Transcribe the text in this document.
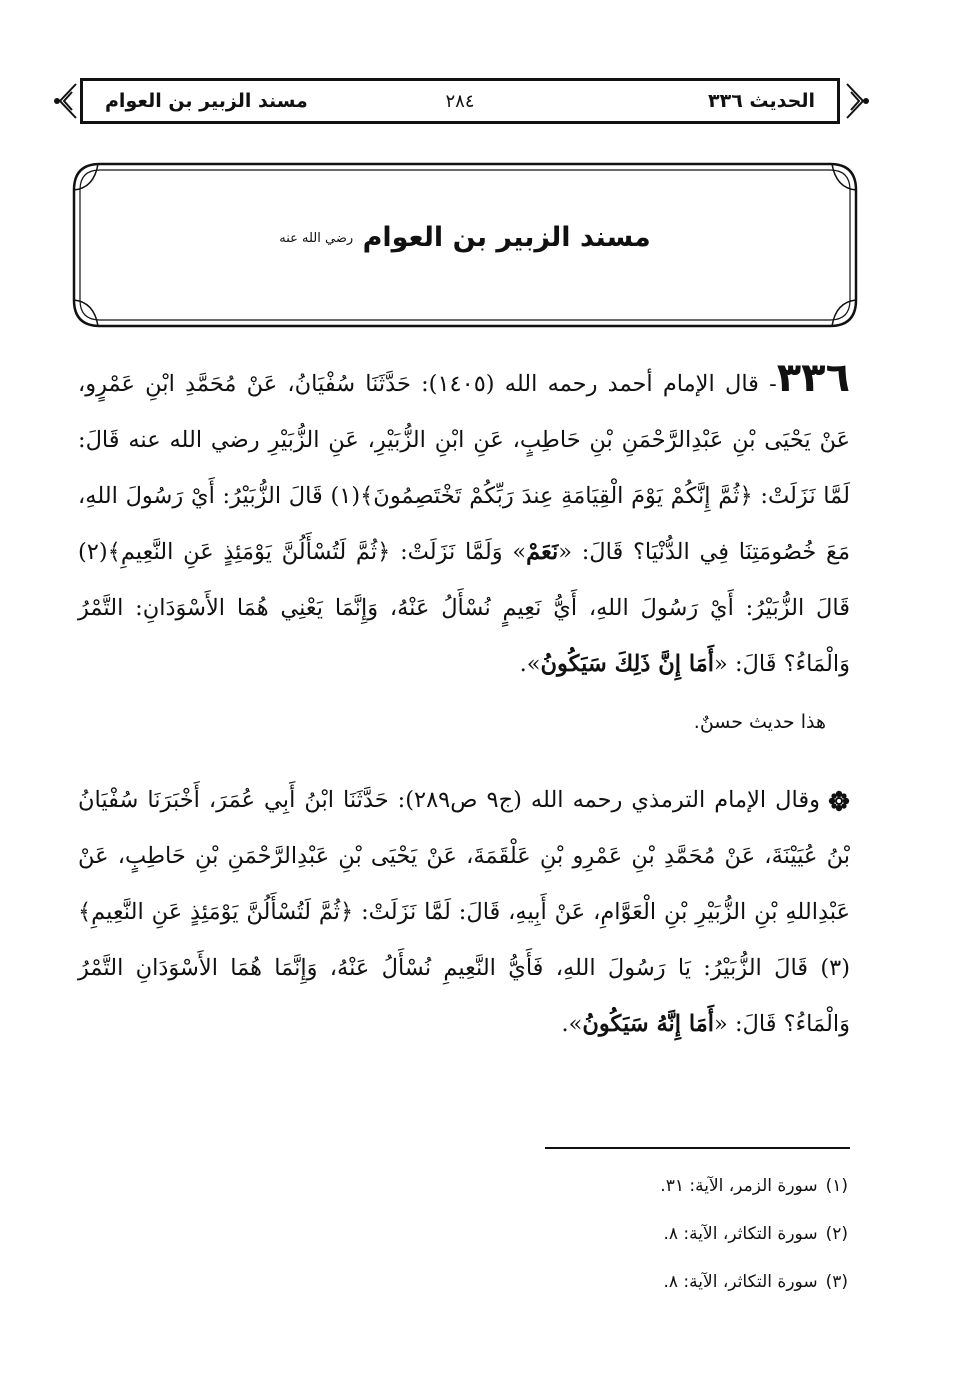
الحديث ٣٣٦
٢٨٤
مسند الزبير بن العوام
مسند الزبير بن العوام رضي الله عنه

٣٣٦- قال الإمام أحمد رحمه الله (١٤٠٥): حَدَّثَنَا سُفْيَانُ، عَنْ مُحَمَّدِ ابْنِ عَمْرٍو، عَنْ يَحْيَى بْنِ عَبْدِالرَّحْمَنِ بْنِ حَاطِبٍ، عَنِ ابْنِ الزُّبَيْرِ، عَنِ الزُّبَيْرِ رضي الله عنه قَالَ: لَمَّا نَزَلَتْ: ﴿ثُمَّ إِنَّكُمْ يَوْمَ الْقِيَامَةِ عِندَ رَبِّكُمْ تَخْتَصِمُونَ﴾(١) قَالَ الزُّبَيْرُ: أَيْ رَسُولَ اللهِ، مَعَ خُصُومَتِنَا فِي الدُّنْيَا؟ قَالَ: «نَعَمْ» وَلَمَّا نَزَلَتْ: ﴿ثُمَّ لَتُسْأَلُنَّ يَوْمَئِذٍ عَنِ النَّعِيمِ﴾(٢) قَالَ الزُّبَيْرُ: أَيْ رَسُولَ اللهِ، أَيُّ نَعِيمٍ نُسْأَلُ عَنْهُ، وَإِنَّمَا يَعْنِي هُمَا الأَسْوَدَانِ: التَّمْرُ وَالْمَاءُ؟ قَالَ: «أَمَا إِنَّ ذَلِكَ سَيَكُونُ».

هذا حديث حسنٌ.

وقال الإمام الترمذي رحمه الله (ج٩ ص٢٨٩): حَدَّثَنَا ابْنُ أَبِي عُمَرَ، أَخْبَرَنَا سُفْيَانُ بْنُ عُيَيْنَةَ، عَنْ مُحَمَّدِ بْنِ عَمْرِو بْنِ عَلْقَمَةَ، عَنْ يَحْيَى بْنِ عَبْدِالرَّحْمَنِ بْنِ حَاطِبٍ، عَنْ عَبْدِاللهِ بْنِ الزُّبَيْرِ بْنِ الْعَوَّامِ، عَنْ أَبِيهِ، قَالَ: لَمَّا نَزَلَتْ: ﴿ثُمَّ لَتُسْأَلُنَّ يَوْمَئِذٍ عَنِ النَّعِيمِ﴾(٣) قَالَ الزُّبَيْرُ: يَا رَسُولَ اللهِ، فَأَيُّ النَّعِيمِ نُسْأَلُ عَنْهُ، وَإِنَّمَا هُمَا الأَسْوَدَانِ التَّمْرُ وَالْمَاءُ؟ قَالَ: «أَمَا إِنَّهُ سَيَكُونُ».

(١)سورة الزمر، الآية: ٣١.

(٢)سورة التكاثر، الآية: ٨.

(٣)سورة التكاثر، الآية: ٨.
